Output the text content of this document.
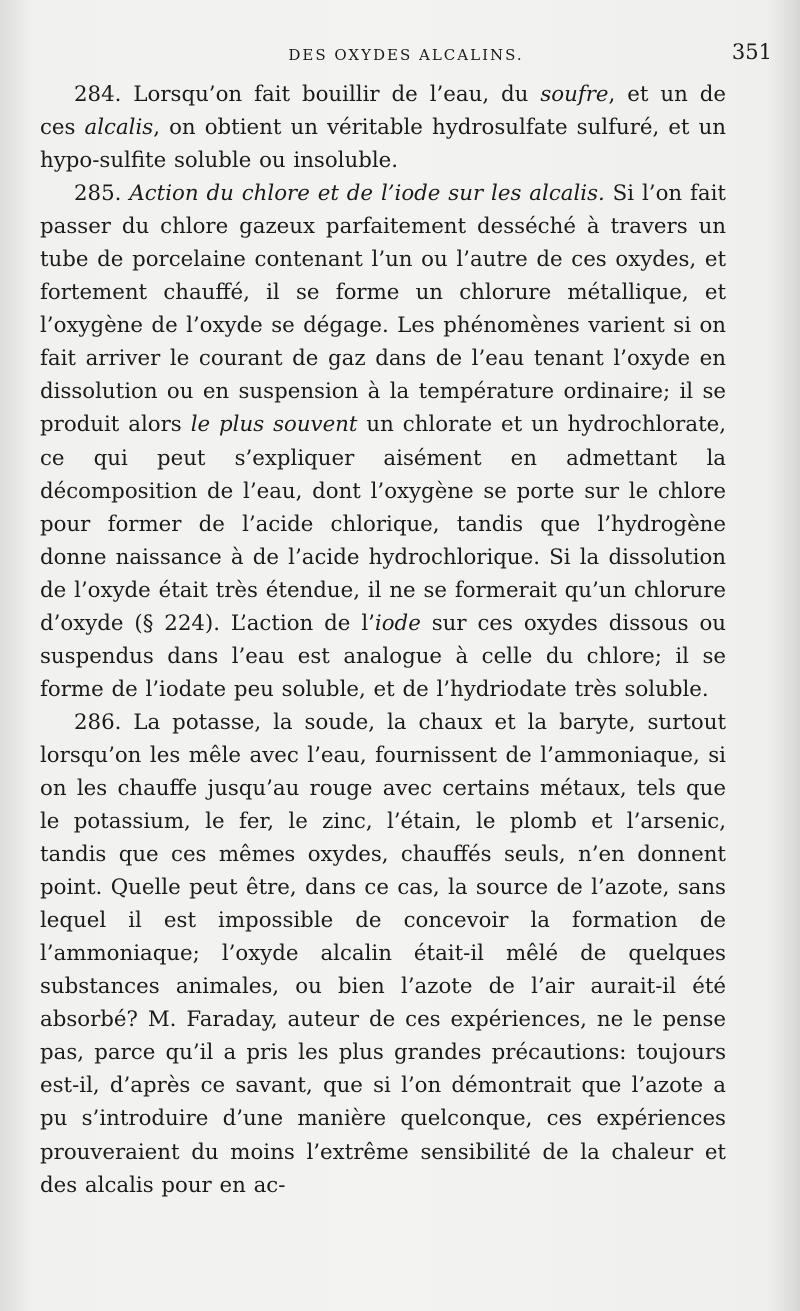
DES OXYDES ALCALINS.	351

284. Lorsqu’on fait bouillir de l’eau, du soufre, et un de ces alcalis, on obtient un véritable hydrosulfate sulfuré, et un hypo-sulfite soluble ou insoluble.

285. Action du chlore et de l’iode sur les alcalis. Si l’on fait passer du chlore gazeux parfaitement desséché à travers un tube de porcelaine contenant l’un ou l’autre de ces oxydes, et fortement chauffé, il se forme un chlorure métallique, et l’oxygène de l’oxyde se dégage. Les phénomènes varient si on fait arriver le courant de gaz dans de l’eau tenant l’oxyde en dissolution ou en suspension à la température ordinaire; il se produit alors le plus souvent un chlorate et un hydrochlorate, ce qui peut s’expliquer aisément en admettant la décomposition de l’eau, dont l’oxygène se porte sur le chlore pour former de l’acide chlorique, tandis que l’hydrogène donne naissance à de l’acide hydrochlorique. Si la dissolution de l’oxyde était très étendue, il ne se formerait qu’un chlorure d’oxyde (§ 224). L’action de l’iode sur ces oxydes dissous ou suspendus dans l’eau est analogue à celle du chlore; il se forme de l’iodate peu soluble, et de l’hydriodate très soluble.

286. La potasse, la soude, la chaux et la baryte, surtout lorsqu’on les mêle avec l’eau, fournissent de l’ammoniaque, si on les chauffe jusqu’au rouge avec certains métaux, tels que le potassium, le fer, le zinc, l’étain, le plomb et l’arsenic, tandis que ces mêmes oxydes, chauffés seuls, n’en donnent point. Quelle peut être, dans ce cas, la source de l’azote, sans lequel il est impossible de concevoir la formation de l’ammoniaque; l’oxyde alcalin était-il mêlé de quelques substances animales, ou bien l’azote de l’air aurait-il été absorbé? M. Faraday, auteur de ces expériences, ne le pense pas, parce qu’il a pris les plus grandes précautions: toujours est-il, d’après ce savant, que si l’on démontrait que l’azote a pu s’introduire d’une manière quelconque, ces expériences prouveraient du moins l’extrême sensibilité de la chaleur et des alcalis pour en ac-
